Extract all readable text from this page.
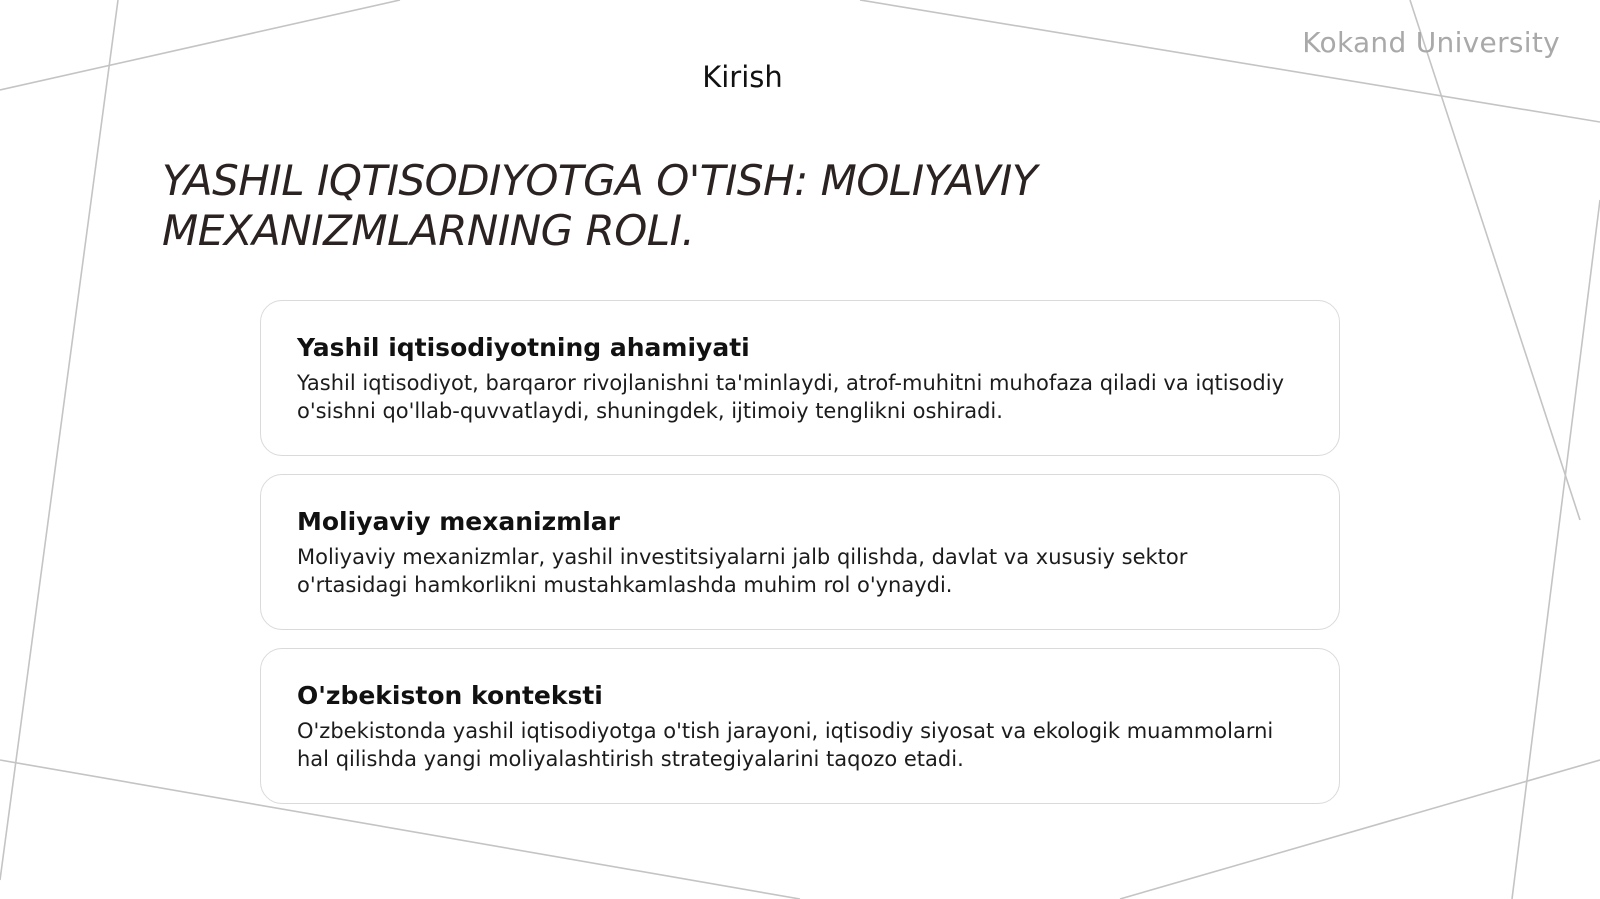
Kokand University
Kirish
YASHIL IQTISODIYOTGA O'TISH: MOLIYAVIY
MEXANIZMLARNING ROLI.

Yashil iqtisodiyotning ahamiyati

Yashil iqtisodiyot, barqaror rivojlanishni ta'minlaydi, atrof-muhitni muhofaza qiladi va iqtisodiy o'sishni qo'llab-quvvatlaydi, shuningdek, ijtimoiy tenglikni oshiradi.

Moliyaviy mexanizmlar

Moliyaviy mexanizmlar, yashil investitsiyalarni jalb qilishda, davlat va xususiy sektor o'rtasidagi hamkorlikni mustahkamlashda muhim rol o'ynaydi.

O'zbekiston konteksti

O'zbekistonda yashil iqtisodiyotga o'tish jarayoni, iqtisodiy siyosat va ekologik muammolarni hal qilishda yangi moliyalashtirish strategiyalarini taqozo etadi.
